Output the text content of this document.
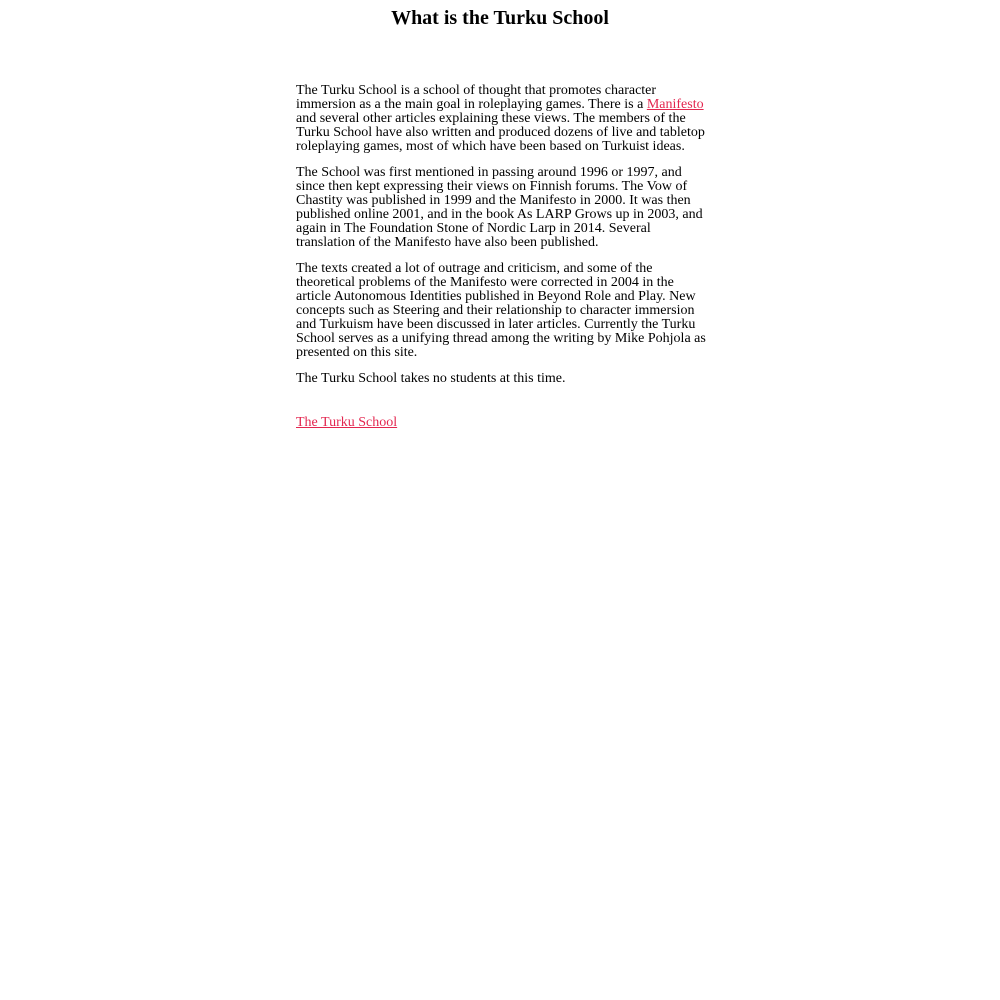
What is the Turku School

The Turku School is a school of thought that promotes character immersion as a the main goal in roleplaying games. There is a Manifesto and several other articles explaining these views. The members of the Turku School have also written and produced dozens of live and tabletop roleplaying games, most of which have been based on Turkuist ideas.

The School was first mentioned in passing around 1996 or 1997, and since then kept expressing their views on Finnish forums. The Vow of Chastity was published in 1999 and the Manifesto in 2000. It was then published online 2001, and in the book As LARP Grows up in 2003, and again in The Foundation Stone of Nordic Larp in 2014. Several translation of the Manifesto have also been published.

The texts created a lot of outrage and criticism, and some of the theoretical problems of the Manifesto were corrected in 2004 in the article Autonomous Identities published in Beyond Role and Play. New concepts such as Steering and their relationship to character immersion and Turkuism have been discussed in later articles. Currently the Turku School serves as a unifying thread among the writing by Mike Pohjola as presented on this site.

The Turku School takes no students at this time.

The Turku School
